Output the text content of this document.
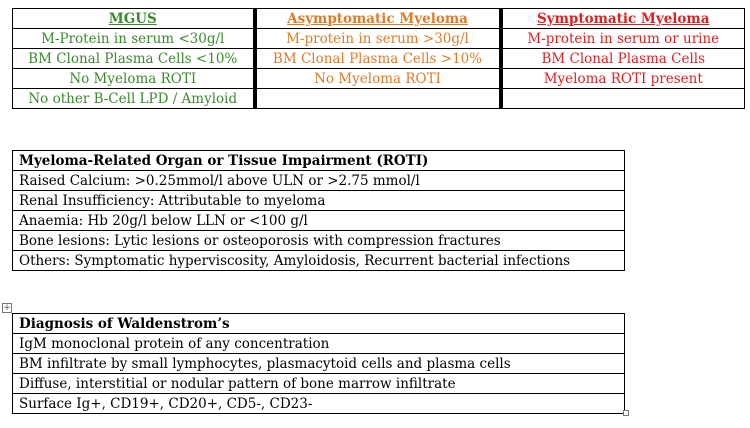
MGUS	Asymptomatic Myeloma	Symptomatic Myeloma
M-Protein in serum <30g/l	M-protein in serum >30g/l	M-protein in serum or urine
BM Clonal Plasma Cells <10%	BM Clonal Plasma Cells >10%	BM Clonal Plasma Cells
No Myeloma ROTI	No Myeloma ROTI	Myeloma ROTI present
No other B-Cell LPD / Amyloid		
Myeloma-Related Organ or Tissue Impairment (ROTI)
Raised Calcium: >0.25mmol/l above ULN or >2.75 mmol/l
Renal Insufficiency: Attributable to myeloma
Anaemia: Hb 20g/l below LLN or <100 g/l
Bone lesions: Lytic lesions or osteoporosis with compression fractures
Others: Symptomatic hyperviscosity, Amyloidosis, Recurrent bacterial infections
+
Diagnosis of Waldenstrom’s
IgM monoclonal protein of any concentration
BM infiltrate by small lymphocytes, plasmacytoid cells and plasma cells
Diffuse, interstitial or nodular pattern of bone marrow infiltrate
Surface Ig+, CD19+, CD20+, CD5-, CD23-
